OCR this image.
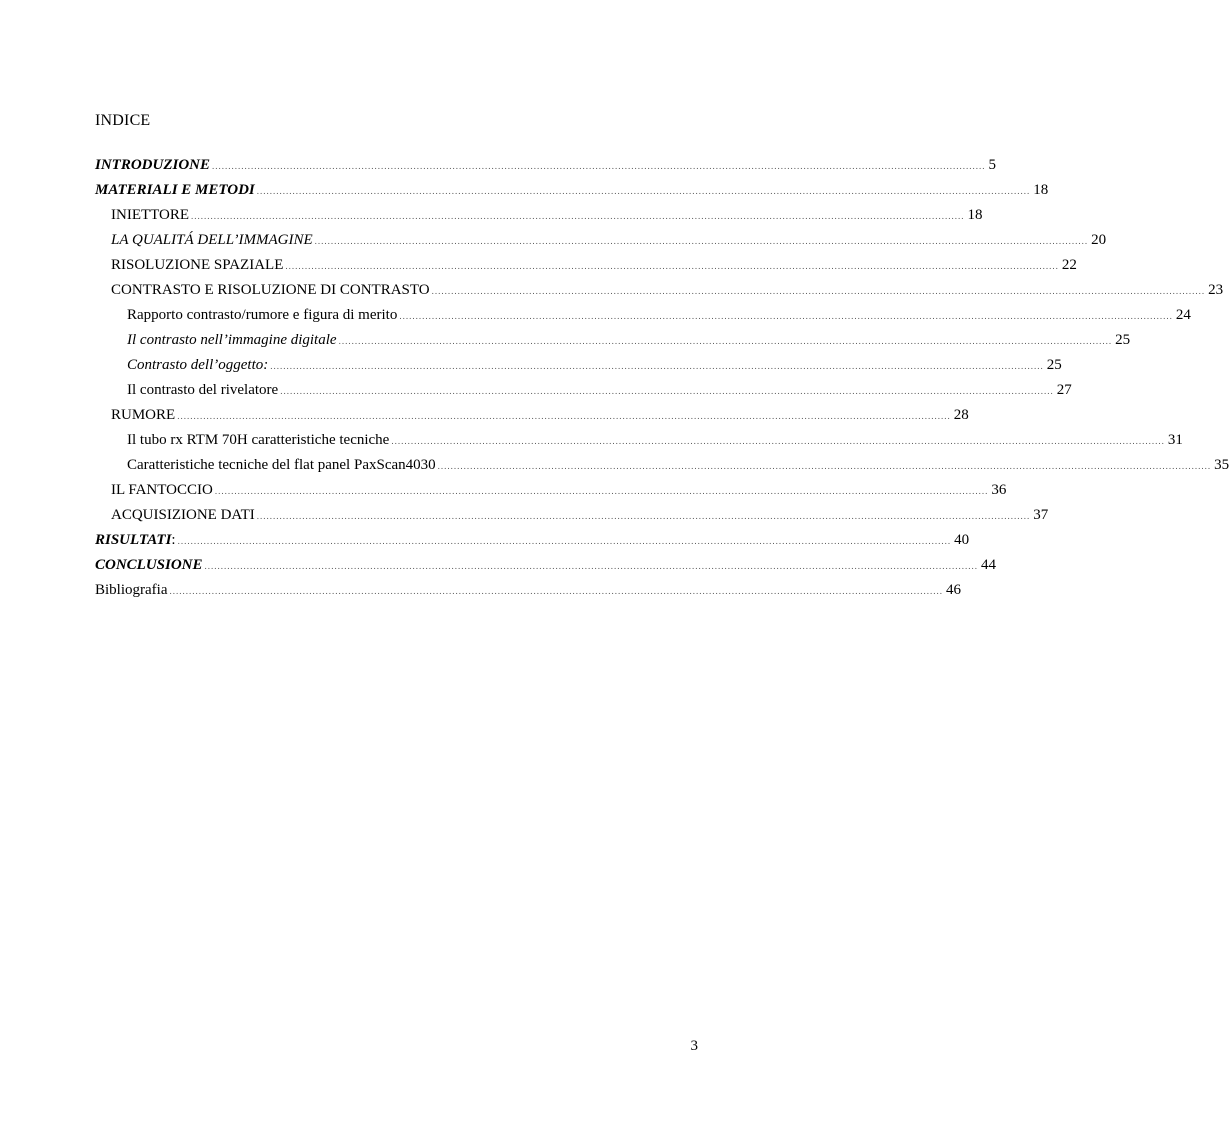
INDICE
INTRODUZIONE .............................................................................................................................................................................................................................................. 5
MATERIALI E METODI .............................................................................................................................................................................................................................................. 18
INIETTORE .............................................................................................................................................................................................................................................. 18
LA QUALITÁ DELL’IMMAGINE .............................................................................................................................................................................................................................................. 20
RISOLUZIONE SPAZIALE .............................................................................................................................................................................................................................................. 22
CONTRASTO E RISOLUZIONE DI CONTRASTO .............................................................................................................................................................................................................................................. 23
Rapporto contrasto/rumore e figura di merito .............................................................................................................................................................................................................................................. 24
Il contrasto nell’immagine digitale .............................................................................................................................................................................................................................................. 25
Contrasto dell’oggetto: .............................................................................................................................................................................................................................................. 25
Il contrasto del rivelatore .............................................................................................................................................................................................................................................. 27
RUMORE .............................................................................................................................................................................................................................................. 28
Il tubo rx RTM 70H caratteristiche tecniche .............................................................................................................................................................................................................................................. 31
Caratteristiche tecniche del flat panel PaxScan4030 .............................................................................................................................................................................................................................................. 35
IL FANTOCCIO .............................................................................................................................................................................................................................................. 36
ACQUISIZIONE DATI .............................................................................................................................................................................................................................................. 37
RISULTATI : .............................................................................................................................................................................................................................................. 40
CONCLUSIONE .............................................................................................................................................................................................................................................. 44
Bibliografia .............................................................................................................................................................................................................................................. 46
3
